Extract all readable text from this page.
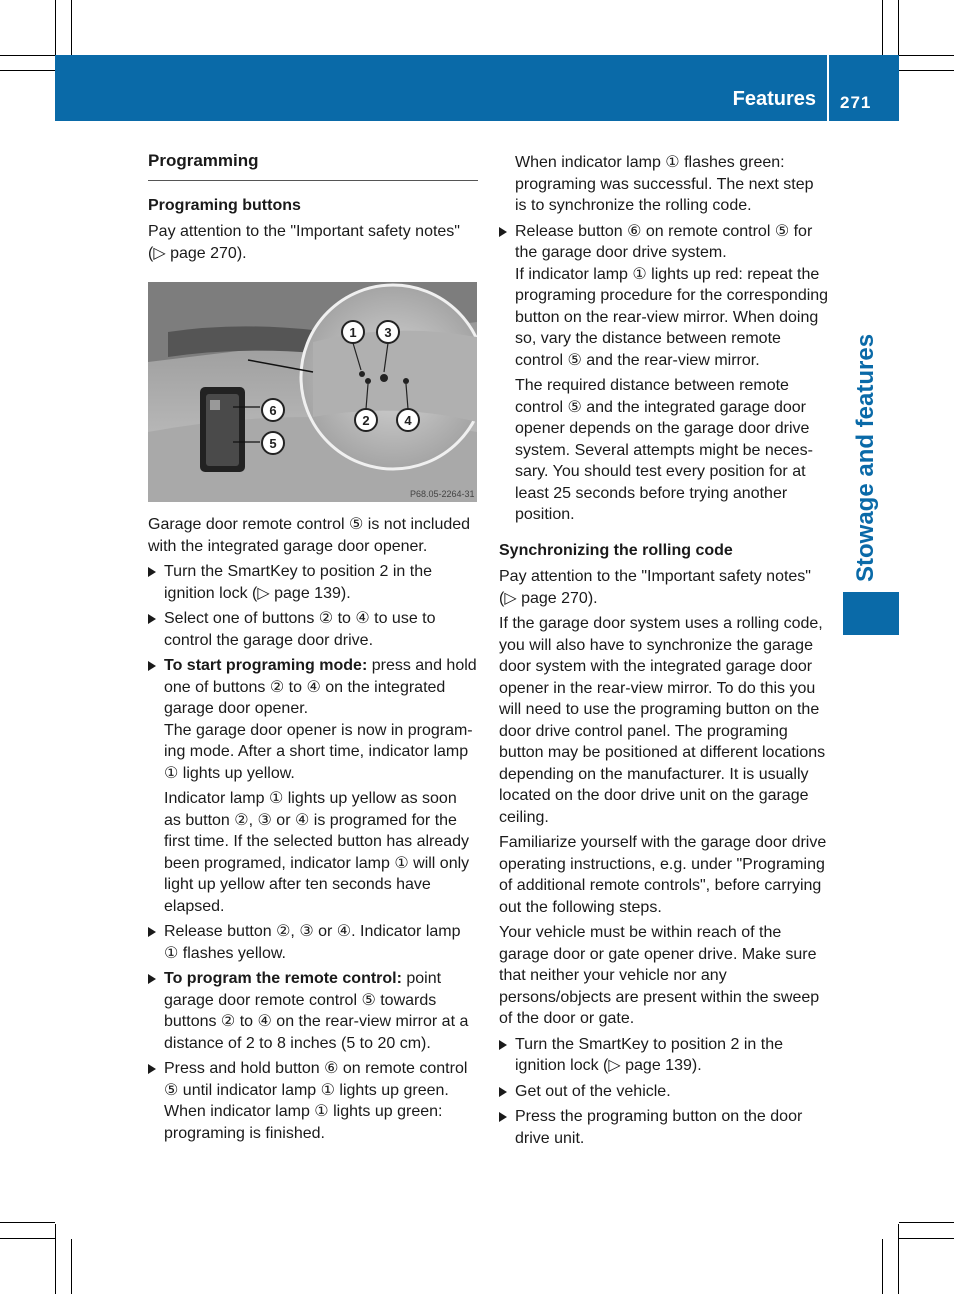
Features 271
Stowage and features
Programming
Programing buttons

Pay attention to the "Important safety notes"
(▷ page 270).

1 3
2	4
6
5
P68.05-2264-31

Garage door remote control ⑤ is not included with the integrated garage door opener.

Turn the SmartKey to position 2 in the ignition lock (▷ page 139).
Select one of buttons ② to ④ to use to control the garage door drive.
To start programing mode: press and hold one of buttons ② to ④ on the integrated garage door opener.
The garage door opener is now in programing mode. After a short time, indicator lamp ① lights up yellow.

Indicator lamp ① lights up yellow as soon as button ②, ③ or ④ is programed for the first time. If the selected button has already been programed, indicator lamp ① will only light up yellow after ten seconds have elapsed.

Release button ②, ③ or ④. Indicator lamp ① flashes yellow.
To program the remote control: point garage door remote control ⑤ towards buttons ② to ④ on the rear-view mirror at a distance of 2 to 8 inches (5 to 20 cm).
Press and hold button ⑥ on remote control ⑤ until indicator lamp ① lights up green. When indicator lamp ① lights up green: programing is finished.

When indicator lamp ① flashes green: programing was successful. The next step is to synchronize the rolling code.

Release button ⑥ on remote control ⑤ for the garage door drive system.
If indicator lamp ① lights up red: repeat the programing procedure for the corresponding button on the rear-view mirror. When doing so, vary the distance between remote control ⑤ and the rear-view mirror.

The required distance between remote control ⑤ and the integrated garage door opener depends on the garage door drive system. Several attempts might be necessary. You should test every position for at least 25 seconds before trying another position.

Synchronizing the rolling code

Pay attention to the "Important safety notes"
(▷ page 270).

If the garage door system uses a rolling code, you will also have to synchronize the garage door system with the integrated garage door opener in the rear-view mirror. To do this you will need to use the programing button on the door drive control panel. The programing button may be positioned at different locations depending on the manufacturer. It is usually located on the door drive unit on the garage ceiling.

Familiarize yourself with the garage door drive operating instructions, e.g. under "Programing of additional remote controls", before carrying out the following steps.

Your vehicle must be within reach of the garage door or gate opener drive. Make sure that neither your vehicle nor any persons/objects are present within the sweep of the door or gate.

Turn the SmartKey to position 2 in the ignition lock (▷ page 139).
Get out of the vehicle.
Press the programing button on the door drive unit.
